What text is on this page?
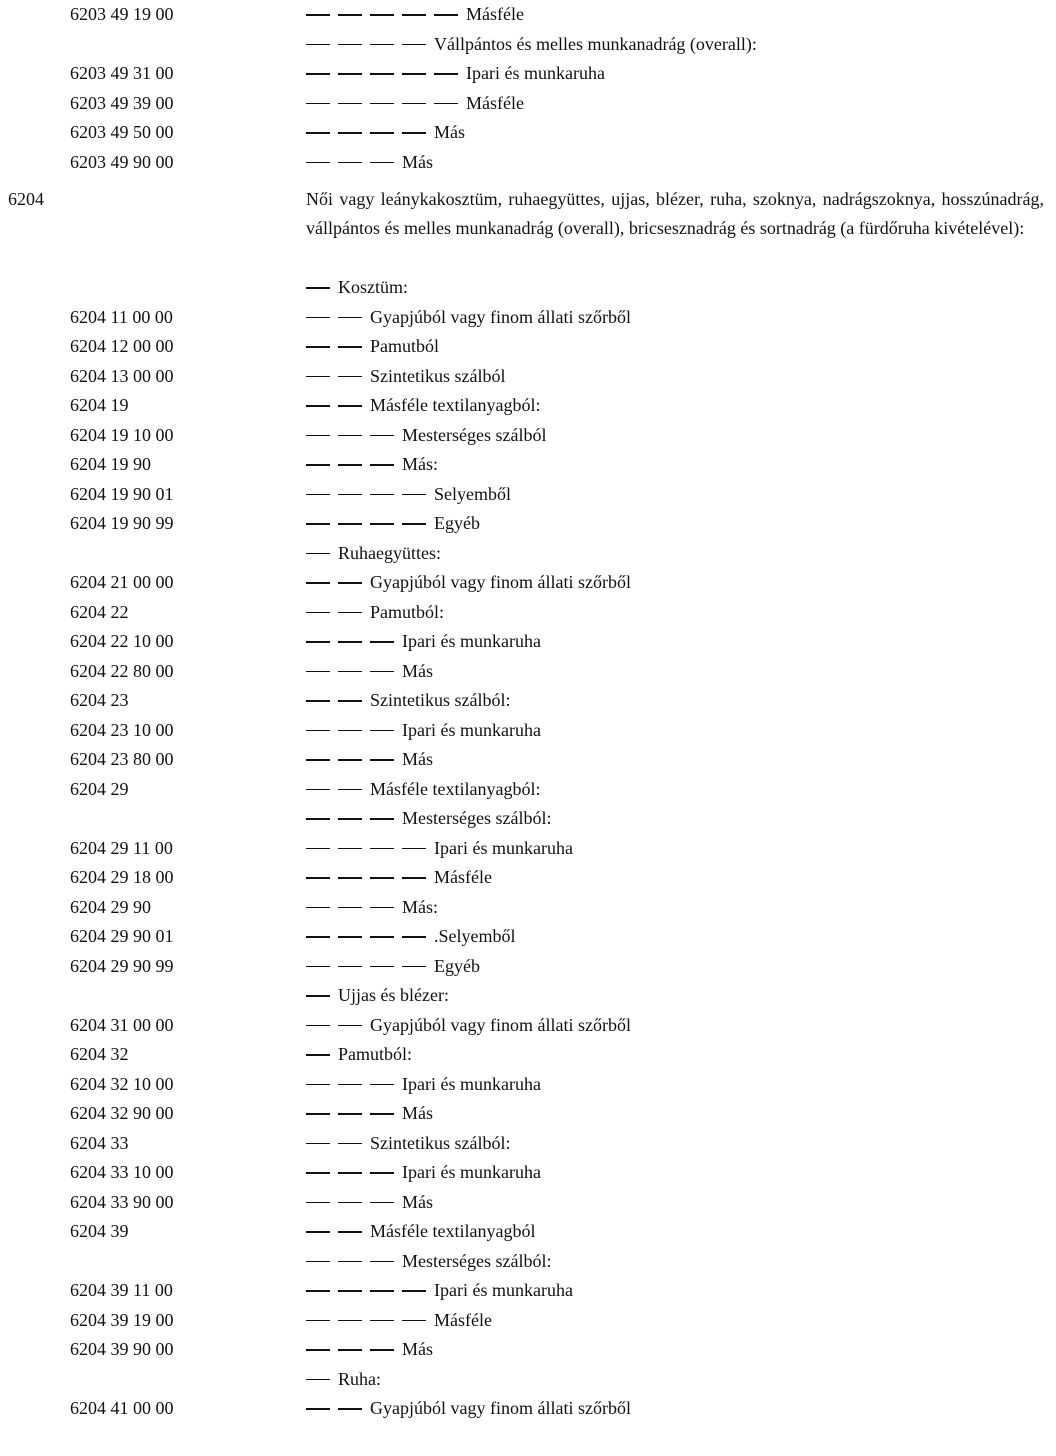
6203 49 19 00	Másféle
Vállpántos és melles munkanadrág (overall):
6203 49 31 00	Ipari és munkaruha
6203 49 39 00	Másféle
6203 49 50 00	Más
6203 49 90 00	Más
6204	Női vagy leánykakosztüm, ruhaegyüttes, ujjas, blézer, ruha, szoknya, nadrágszoknya, hosszúnadrág, vállpántos és melles munkanadrág (overall), bricsesznadrág és sortnadrág (a fürdőruha kivételével):
Kosztüm:
6204 11 00 00	Gyapjúból vagy finom állati szőrből
6204 12 00 00	Pamutból
6204 13 00 00	Szintetikus szálból
6204 19	Másféle textilanyagból:
6204 19 10 00	Mesterséges szálból
6204 19 90	Más:
6204 19 90 01	Selyemből
6204 19 90 99	Egyéb
Ruhaegyüttes:
6204 21 00 00	Gyapjúból vagy finom állati szőrből
6204 22	Pamutból:
6204 22 10 00	Ipari és munkaruha
6204 22 80 00	Más
6204 23	Szintetikus szálból:
6204 23 10 00	Ipari és munkaruha
6204 23 80 00	Más
6204 29	Másféle textilanyagból:
Mesterséges szálból:
6204 29 11 00	Ipari és munkaruha
6204 29 18 00	Másféle
6204 29 90	Más:
6204 29 90 01	.Selyemből
6204 29 90 99	Egyéb
Ujjas és blézer:
6204 31 00 00	Gyapjúból vagy finom állati szőrből
6204 32	Pamutból:
6204 32 10 00	Ipari és munkaruha
6204 32 90 00	Más
6204 33	Szintetikus szálból:
6204 33 10 00	Ipari és munkaruha
6204 33 90 00	Más
6204 39	Másféle textilanyagból
Mesterséges szálból:
6204 39 11 00	Ipari és munkaruha
6204 39 19 00	Másféle
6204 39 90 00	Más
Ruha:
6204 41 00 00	Gyapjúból vagy finom állati szőrből
